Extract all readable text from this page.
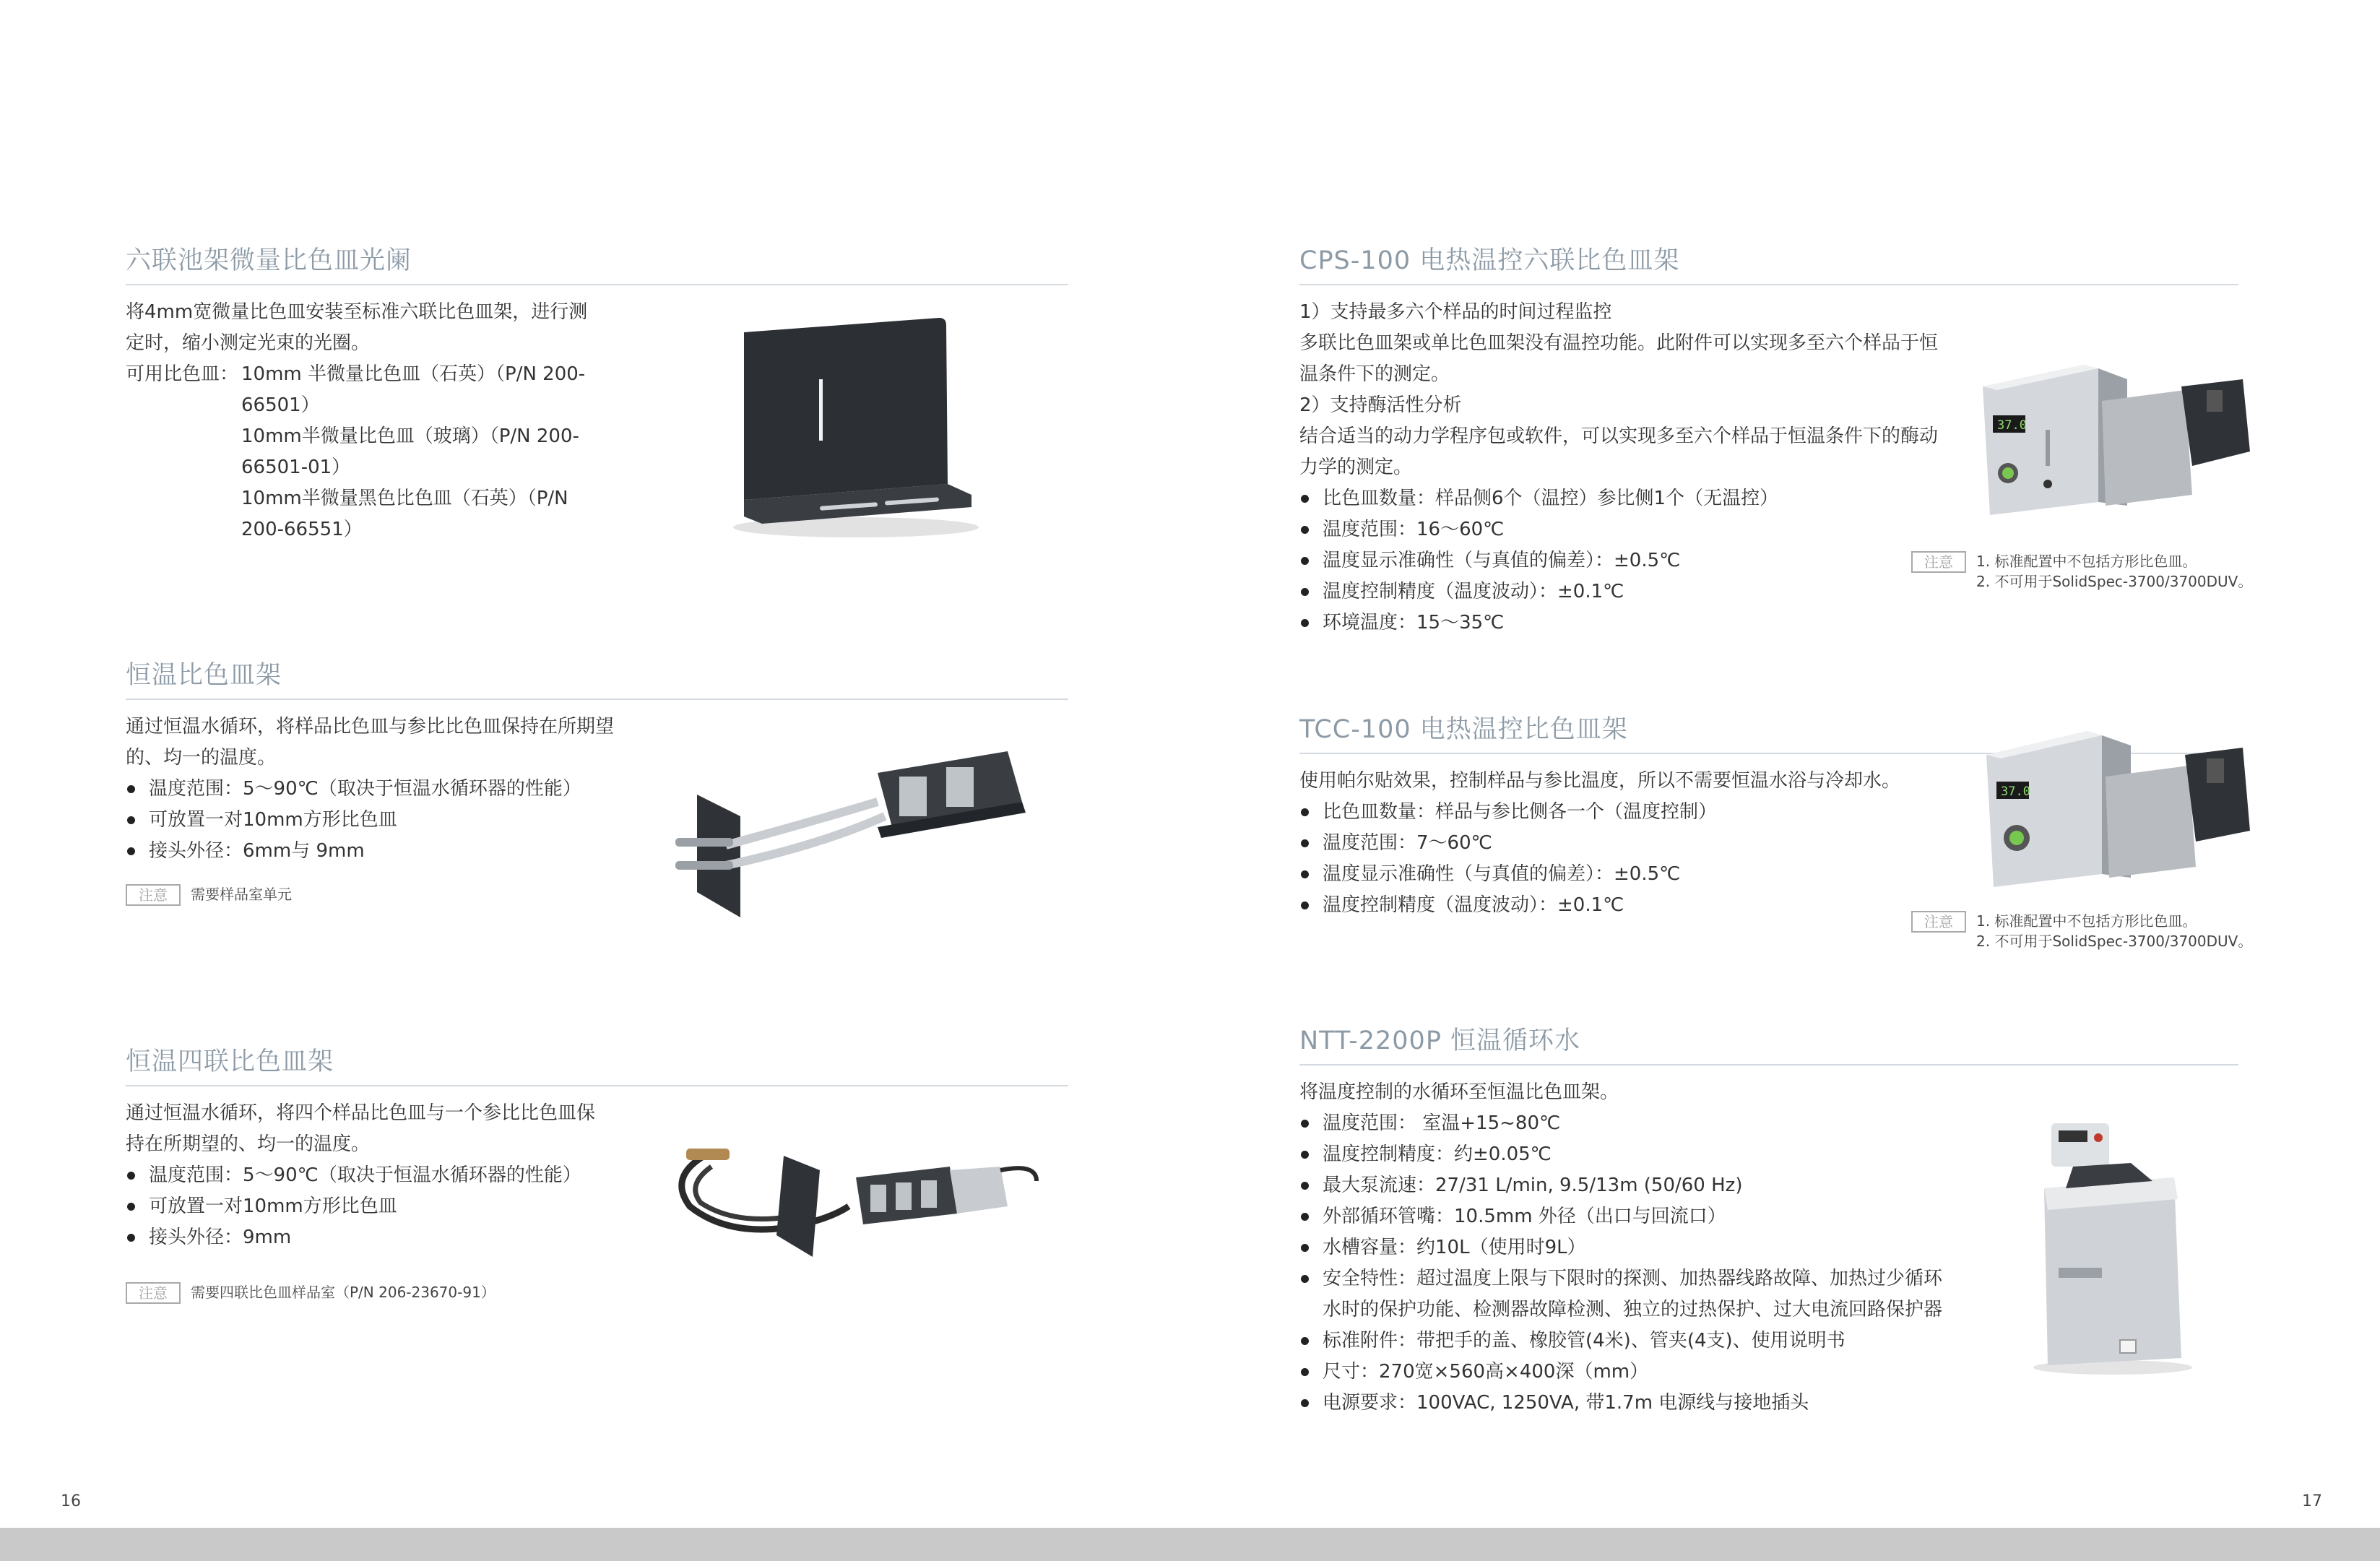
六联池架微量比色皿光阑

将4mm宽微量比色皿安装至标准六联比色皿架，进行测定时，缩小测定光束的光圈。

可用比色皿： 10mm 半微量比色皿（石英）（P/N 200-66501）
10mm半微量比色皿（玻璃）（P/N 200-66501-01）
10mm半微量黑色比色皿（石英）（P/N 200-66551）
恒温比色皿架

通过恒温水循环，将样品比色皿与参比比色皿保持在所期望的、均一的温度。

温度范围：5～90℃（取决于恒温水循环器的性能）
可放置一对10mm方形比色皿
接头外径：6mm与 9mm
注意 需要样品室单元
恒温四联比色皿架

通过恒温水循环，将四个样品比色皿与一个参比比色皿保持在所期望的、均一的温度。

温度范围：5～90℃（取决于恒温水循环器的性能）
可放置一对10mm方形比色皿
接头外径：9mm
注意 需要四联比色皿样品室（P/N 206-23670-91）
16
CPS-100 电热温控六联比色皿架

1）支持最多六个样品的时间过程监控

多联比色皿架或单比色皿架没有温控功能。此附件可以实现多至六个样品于恒温条件下的测定。

2）支持酶活性分析

结合适当的动力学程序包或软件，可以实现多至六个样品于恒温条件下的酶动力学的测定。

比色皿数量：样品侧6个（温控）参比侧1个（无温控）
温度范围：16～60℃
温度显示准确性（与真值的偏差）：±0.5℃
温度控制精度（温度波动）：±0.1℃
环境温度：15～35℃
注意 1. 标准配置中不包括方形比色皿。
2. 不可用于SolidSpec-3700/3700DUV。
37.0
TCC-100 电热温控比色皿架

使用帕尔贴效果，控制样品与参比温度，所以不需要恒温水浴与冷却水。

比色皿数量：样品与参比侧各一个（温度控制）
温度范围：7～60℃
温度显示准确性（与真值的偏差）：±0.5℃
温度控制精度（温度波动）：±0.1℃
注意 1. 标准配置中不包括方形比色皿。
2. 不可用于SolidSpec-3700/3700DUV。
37.0
NTT-2200P 恒温循环水

将温度控制的水循环至恒温比色皿架。

温度范围： 室温+15~80℃
温度控制精度：约±0.05℃
最大泵流速：27/31 L/min, 9.5/13m (50/60 Hz)
外部循环管嘴：10.5mm 外径（出口与回流口）
水槽容量：约10L（使用时9L）
安全特性：超过温度上限与下限时的探测、加热器线路故障、加热过少循环水时的保护功能、检测器故障检测、独立的过热保护、过大电流回路保护器
标准附件：带把手的盖、橡胶管(4米)、管夹(4支)、使用说明书
尺寸：270宽×560高×400深（mm）
电源要求：100VAC, 1250VA, 带1.7m 电源线与接地插头
17
